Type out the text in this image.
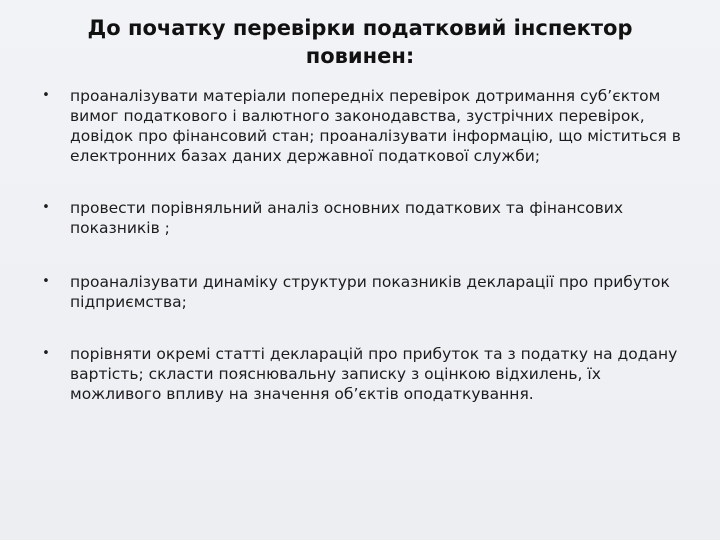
До початку перевірки податковий інспектор повинен:
• проаналізувати матеріали попередніх перевірок дотримання суб’єктом вимог податкового і валютного законодавства, зустрічних перевірок, довідок про фінансовий стан; проаналізувати інформацію, що міститься в електронних базах даних державної податкової служби;
• провести порівняльний аналіз основних податкових та фінансових показників ;
• проаналізувати динаміку структури показників декларації про прибуток підприємства;
• порівняти окремі статті декларацій про прибуток та з податку на додану вартість; скласти пояснювальну записку з оцінкою відхилень, їх можливого впливу на значення об’єктів оподаткування.
